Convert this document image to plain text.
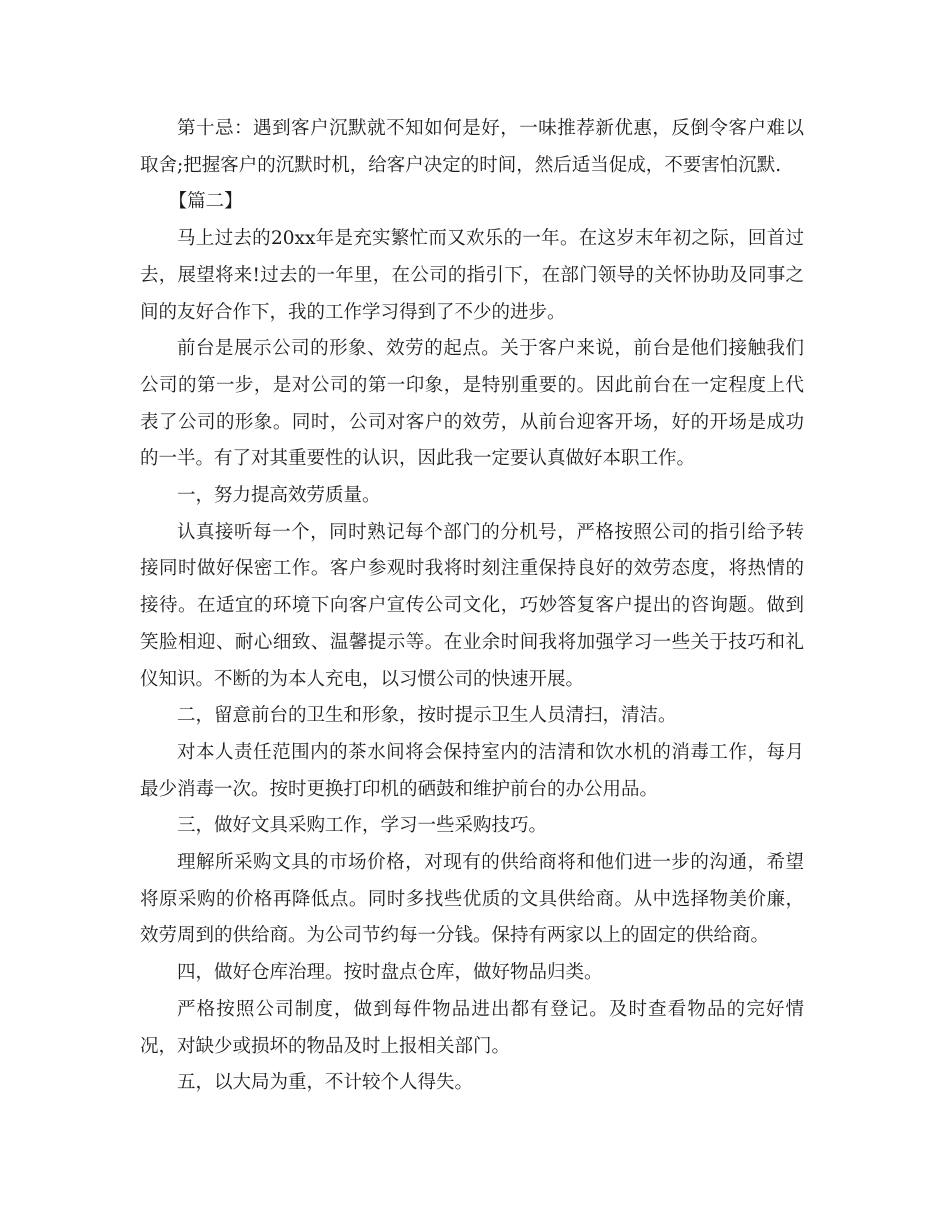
第十忌：遇到客户沉默就不知如何是好，一味推荐新优惠，反倒令客户难以取舍;把握客户的沉默时机，给客户决定的时间，然后适当促成，不要害怕沉默.

【篇二】

马上过去的20xx年是充实繁忙而又欢乐的一年。在这岁末年初之际，回首过去，展望将来!过去的一年里，在公司的指引下，在部门领导的关怀协助及同事之间的友好合作下，我的工作学习得到了不少的进步。

前台是展示公司的形象、效劳的起点。关于客户来说，前台是他们接触我们公司的第一步，是对公司的第一印象，是特别重要的。因此前台在一定程度上代表了公司的形象。同时，公司对客户的效劳，从前台迎客开场，好的开场是成功的一半。有了对其重要性的认识，因此我一定要认真做好本职工作。

一，努力提高效劳质量。

认真接听每一个，同时熟记每个部门的分机号，严格按照公司的指引给予转接同时做好保密工作。客户参观时我将时刻注重保持良好的效劳态度，将热情的接待。在适宜的环境下向客户宣传公司文化，巧妙答复客户提出的咨询题。做到笑脸相迎、耐心细致、温馨提示等。在业余时间我将加强学习一些关于技巧和礼仪知识。不断的为本人充电，以习惯公司的快速开展。

二，留意前台的卫生和形象，按时提示卫生人员清扫，清洁。

对本人责任范围内的茶水间将会保持室内的洁清和饮水机的消毒工作，每月最少消毒一次。按时更换打印机的硒鼓和维护前台的办公用品。

三，做好文具采购工作，学习一些采购技巧。

理解所采购文具的市场价格，对现有的供给商将和他们进一步的沟通，希望将原采购的价格再降低点。同时多找些优质的文具供给商。从中选择物美价廉，效劳周到的供给商。为公司节约每一分钱。保持有两家以上的固定的供给商。

四，做好仓库治理。按时盘点仓库，做好物品归类。

严格按照公司制度，做到每件物品进出都有登记。及时查看物品的完好情况，对缺少或损坏的物品及时上报相关部门。

五，以大局为重，不计较个人得失。
